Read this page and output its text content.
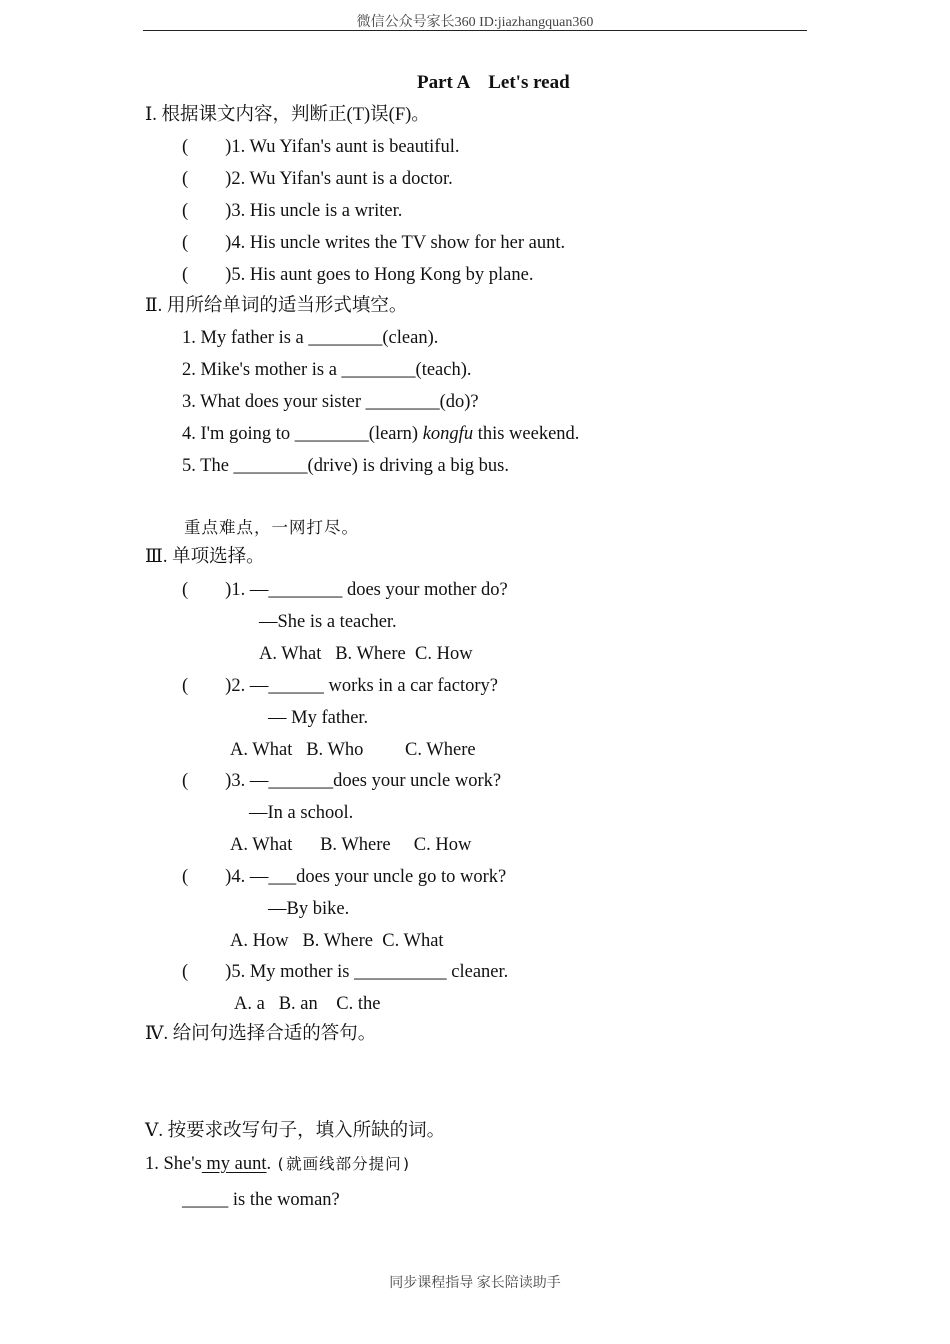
微信公众号家长360 ID:jiazhangquan360
Part A    Let's read
Ⅰ. 根据课文内容，判断正(T)误(F)。
(        )1. Wu Yifan's aunt is beautiful.
(        )2. Wu Yifan's aunt is a doctor.
(        )3. His uncle is a writer.
(        )4. His uncle writes the TV show for her aunt.
(        )5. His aunt goes to Hong Kong by plane.
Ⅱ. 用所给单词的适当形式填空。
1. My father is a ________(clean).
2. Mike's mother is a ________(teach).
3. What does your sister ________(do)?
4. I'm going to ________(learn) kongfu this weekend.
5. The ________(drive) is driving a big bus.
重点难点，一网打尽。
Ⅲ. 单项选择。
(        )1. —________ does your mother do?
—She is a teacher.
A. What   B. Where  C. How
(        )2. —______ works in a car factory?
— My father.
A. What   B. Who         C. Where
(        )3. —_______does your uncle work?
—In a school.
A. What      B. Where     C. How
(        )4. —___does your uncle go to work?
—By bike.
A. How   B. Where  C. What
(        )5. My mother is __________ cleaner.
A. a   B. an    C. the
Ⅳ. 给问句选择合适的答句。
Ⅴ. 按要求改写句子，填入所缺的词。
1. She's my aunt. (就画线部分提问)
_____ is the woman?
同步课程指导 家长陪读助手
